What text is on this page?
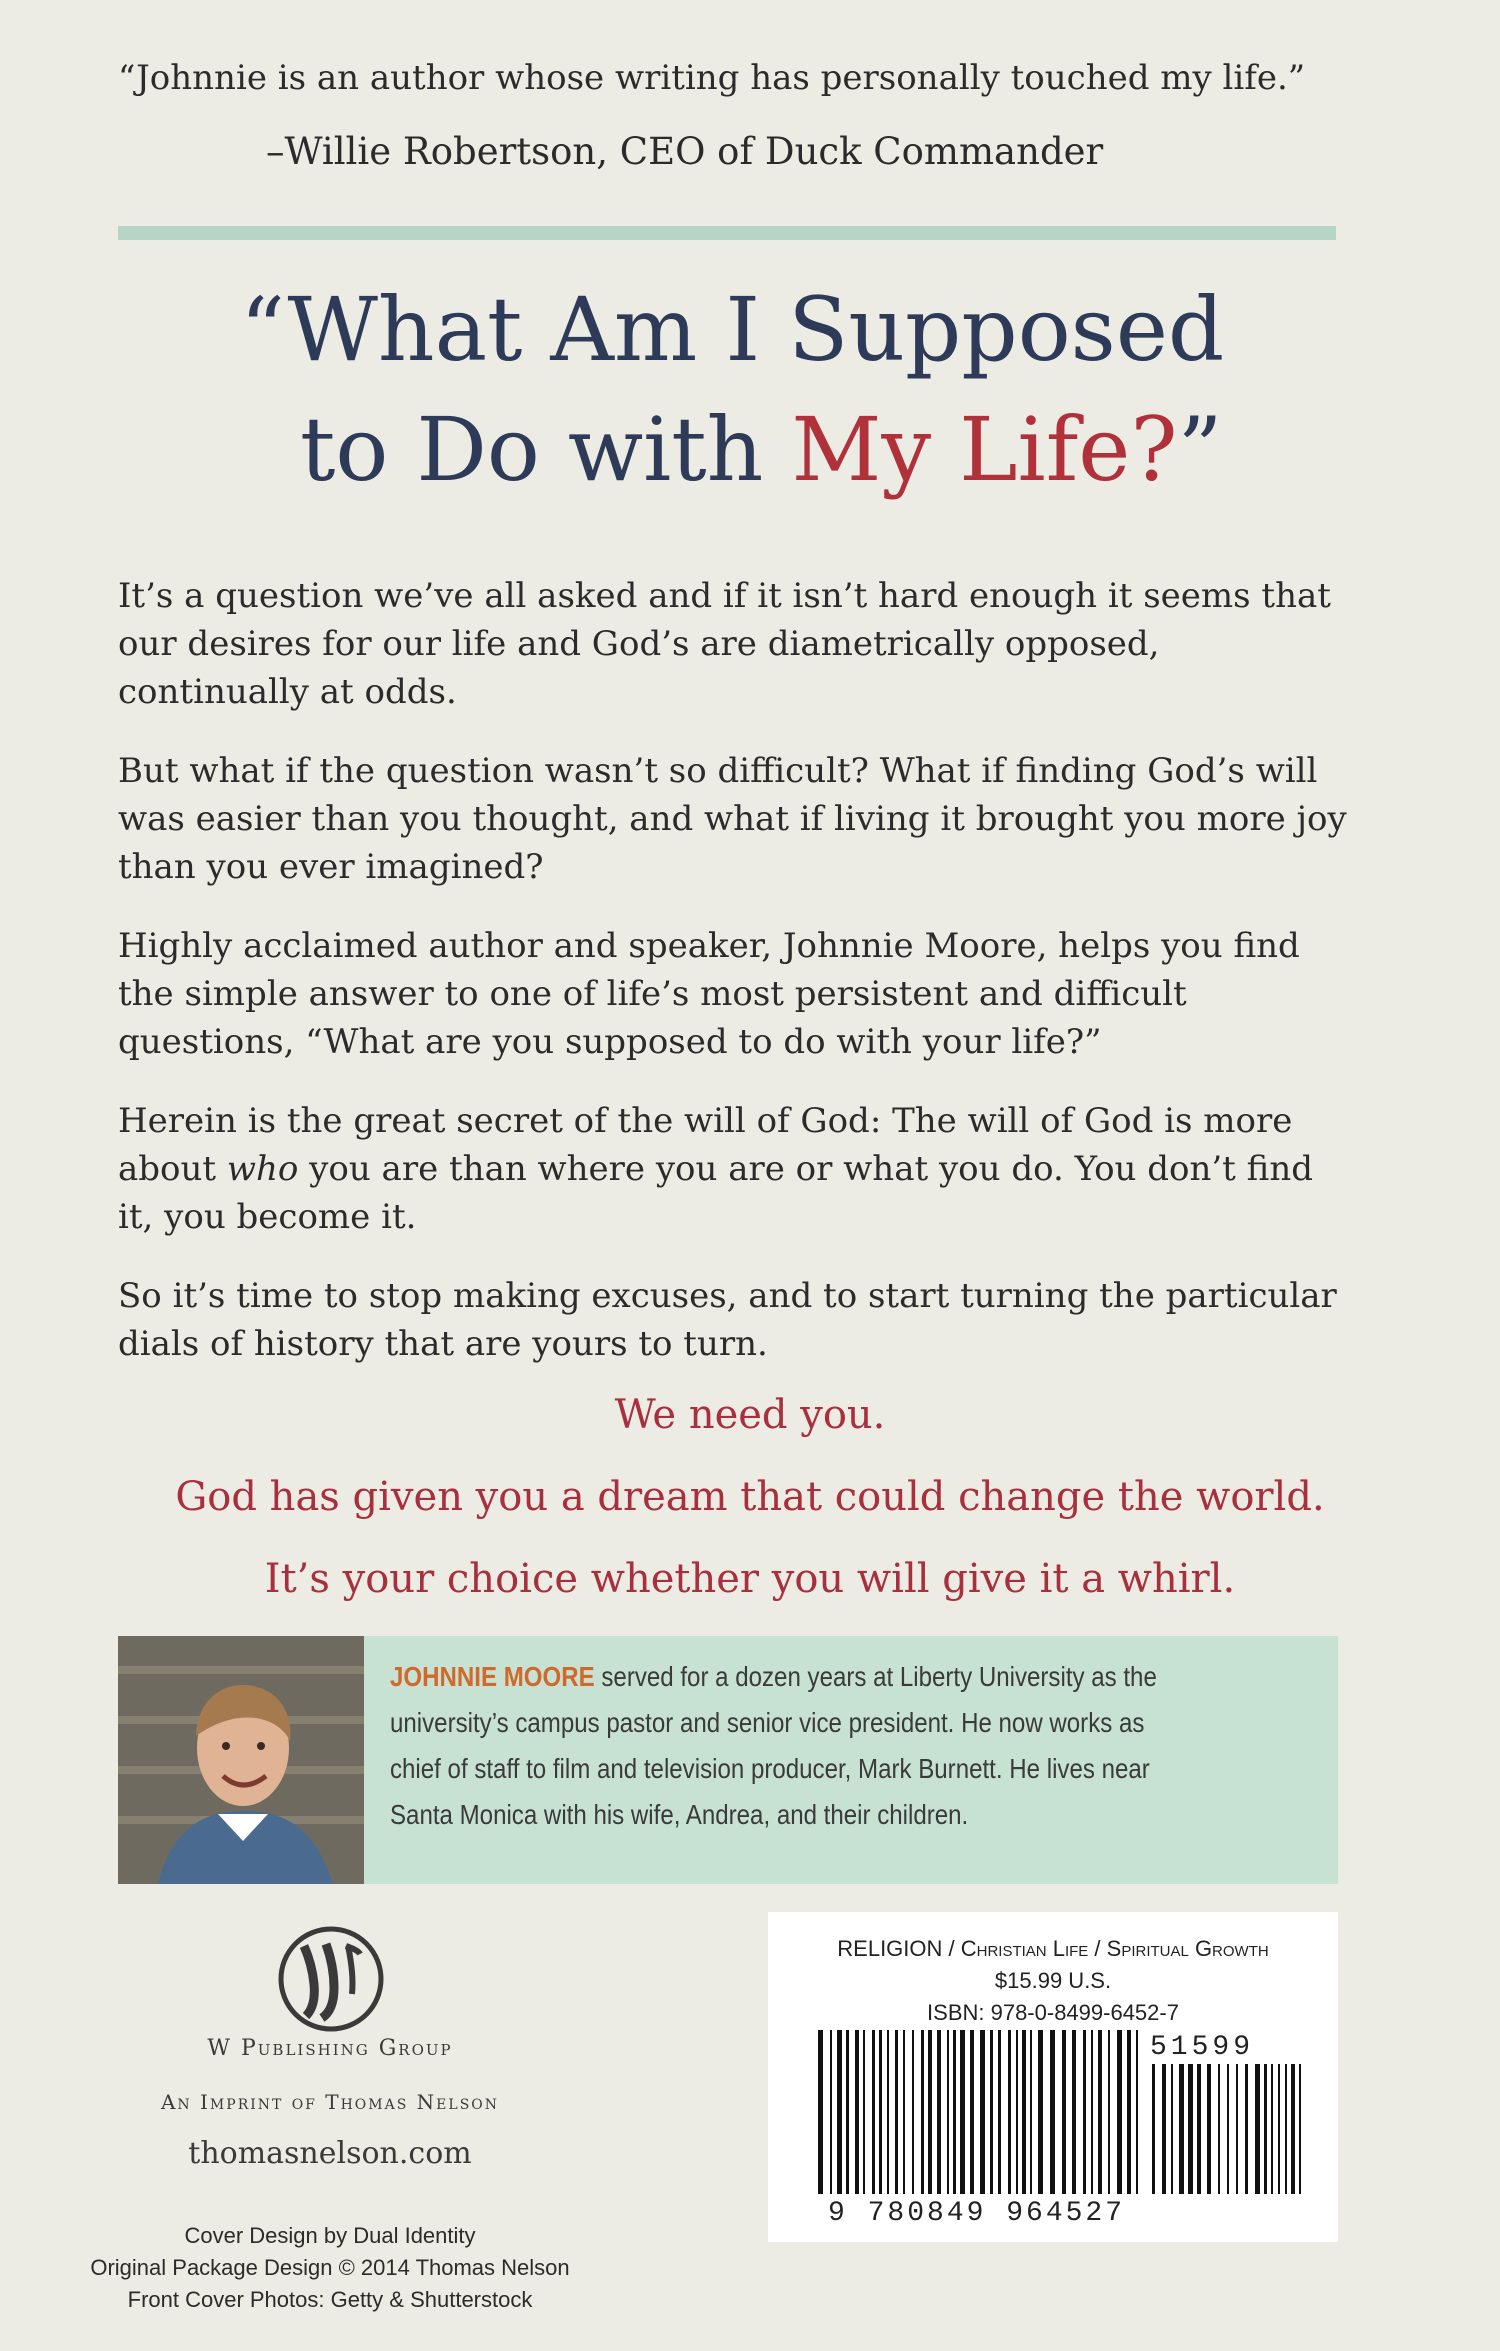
“Johnnie is an author whose writing has personally touched my life.”
–Willie Robertson, CEO of Duck Commander
“What Am I Supposed
to Do with My Life?”

It’s a question we’ve all asked and if it isn’t hard enough it seems that our desires for our life and God’s are diametrically opposed, continually at odds.

But what if the question wasn’t so difficult? What if finding God’s will was easier than you thought, and what if living it brought you more joy than you ever imagined?

Highly acclaimed author and speaker, Johnnie Moore, helps you find the simple answer to one of life’s most persistent and difficult questions, “What are you supposed to do with your life?”

Herein is the great secret of the will of God: The will of God is more about who you are than where you are or what you do. You don’t find it, you become it.

So it’s time to stop making excuses, and to start turning the particular dials of history that are yours to turn.

We need you.
God has given you a dream that could change the world.
It’s your choice whether you will give it a whirl.
JOHNNIE MOORE served for a dozen years at Liberty University as the
university’s campus pastor and senior vice president. He now works as
chief of staff to film and television producer, Mark Burnett. He lives near
Santa Monica with his wife, Andrea, and their children.
W Publishing Group
An Imprint of Thomas Nelson
thomasnelson.com
Cover Design by Dual Identity
Original Package Design © 2014 Thomas Nelson
Front Cover Photos: Getty & Shutterstock
RELIGION / Christian Life / Spiritual Growth
$15.99 U.S.
ISBN: 978-0-8499-6452-7
51599
9 780849 964527
